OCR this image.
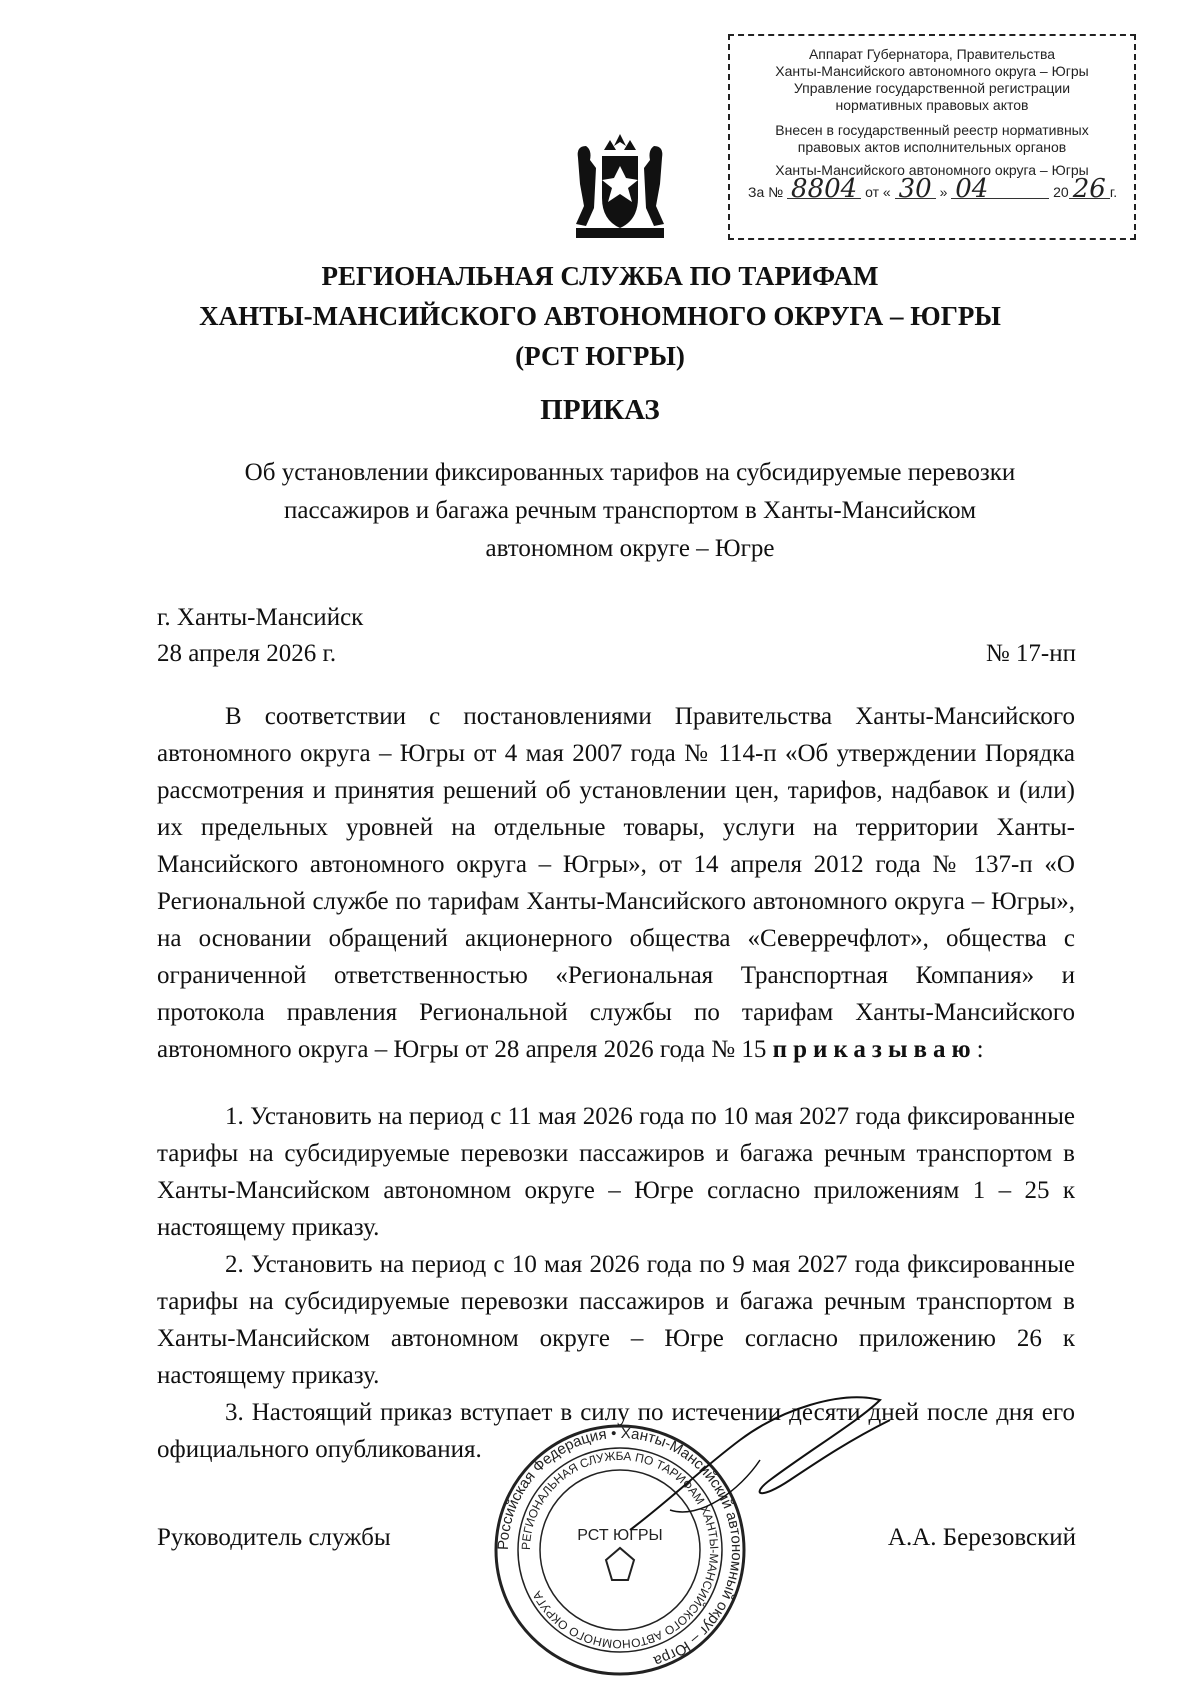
Аппарат Губернатора, Правительства
Ханты-Мансийского автономного округа – Югры
Управление государственной регистрации
нормативных правовых актов
Внесен в государственный реестр нормативных
правовых актов исполнительных органов
Ханты-Мансийского автономного округа – Югры
За № 8804 от « 30 » 04	20 26 г.
РЕГИОНАЛЬНАЯ СЛУЖБА ПО ТАРИФАМ
ХАНТЫ-МАНСИЙСКОГО АВТОНОМНОГО ОКРУГА – ЮГРЫ
(РСТ ЮГРЫ)
ПРИКАЗ
Об установлении фиксированных тарифов на субсидируемые перевозки
пассажиров и багажа речным транспортом в Ханты-Мансийском
автономном округе – Югре
г. Ханты-Мансийск
28 апреля 2026 г.	№ 17-нп

В соответствии с постановлениями Правительства Ханты-Мансийского автономного округа – Югры от 4 мая 2007 года № 114-п «Об утверждении Порядка рассмотрения и принятия решений об установлении цен, тарифов, надбавок и (или) их предельных уровней на отдельные товары, услуги на территории Ханты-Мансийского автономного округа – Югры», от 14 апреля 2012 года № 137-п «О Региональной службе по тарифам Ханты-Мансийского автономного округа – Югры», на основании обращений акционерного общества «Северречфлот», общества с ограниченной ответственностью «Региональная Транспортная Компания» и протокола правления Региональной службы по тарифам Ханты-Мансийского автономного округа – Югры от 28 апреля 2026 года № 15 приказываю:

1. Установить на период с 11 мая 2026 года по 10 мая 2027 года фиксированные тарифы на субсидируемые перевозки пассажиров и багажа речным транспортом в Ханты-Мансийском автономном округе – Югре согласно приложениям 1 – 25 к настоящему приказу.

2. Установить на период с 10 мая 2026 года по 9 мая 2027 года фиксированные тарифы на субсидируемые перевозки пассажиров и багажа речным транспортом в Ханты-Мансийском автономном округе – Югре согласно приложению 26 к настоящему приказу.

3. Настоящий приказ вступает в силу по истечении десяти дней после дня его официального опубликования.

Российская Федерация • Ханты-Мансийский автономный округ – Югра
РЕГИОНАЛЬНАЯ СЛУЖБА ПО ТАРИФАМ ХАНТЫ-МАНСИЙСКОГО АВТОНОМНОГО ОКРУГА
РСТ ЮГРЫ
Руководитель службы	А.А. Березовский
